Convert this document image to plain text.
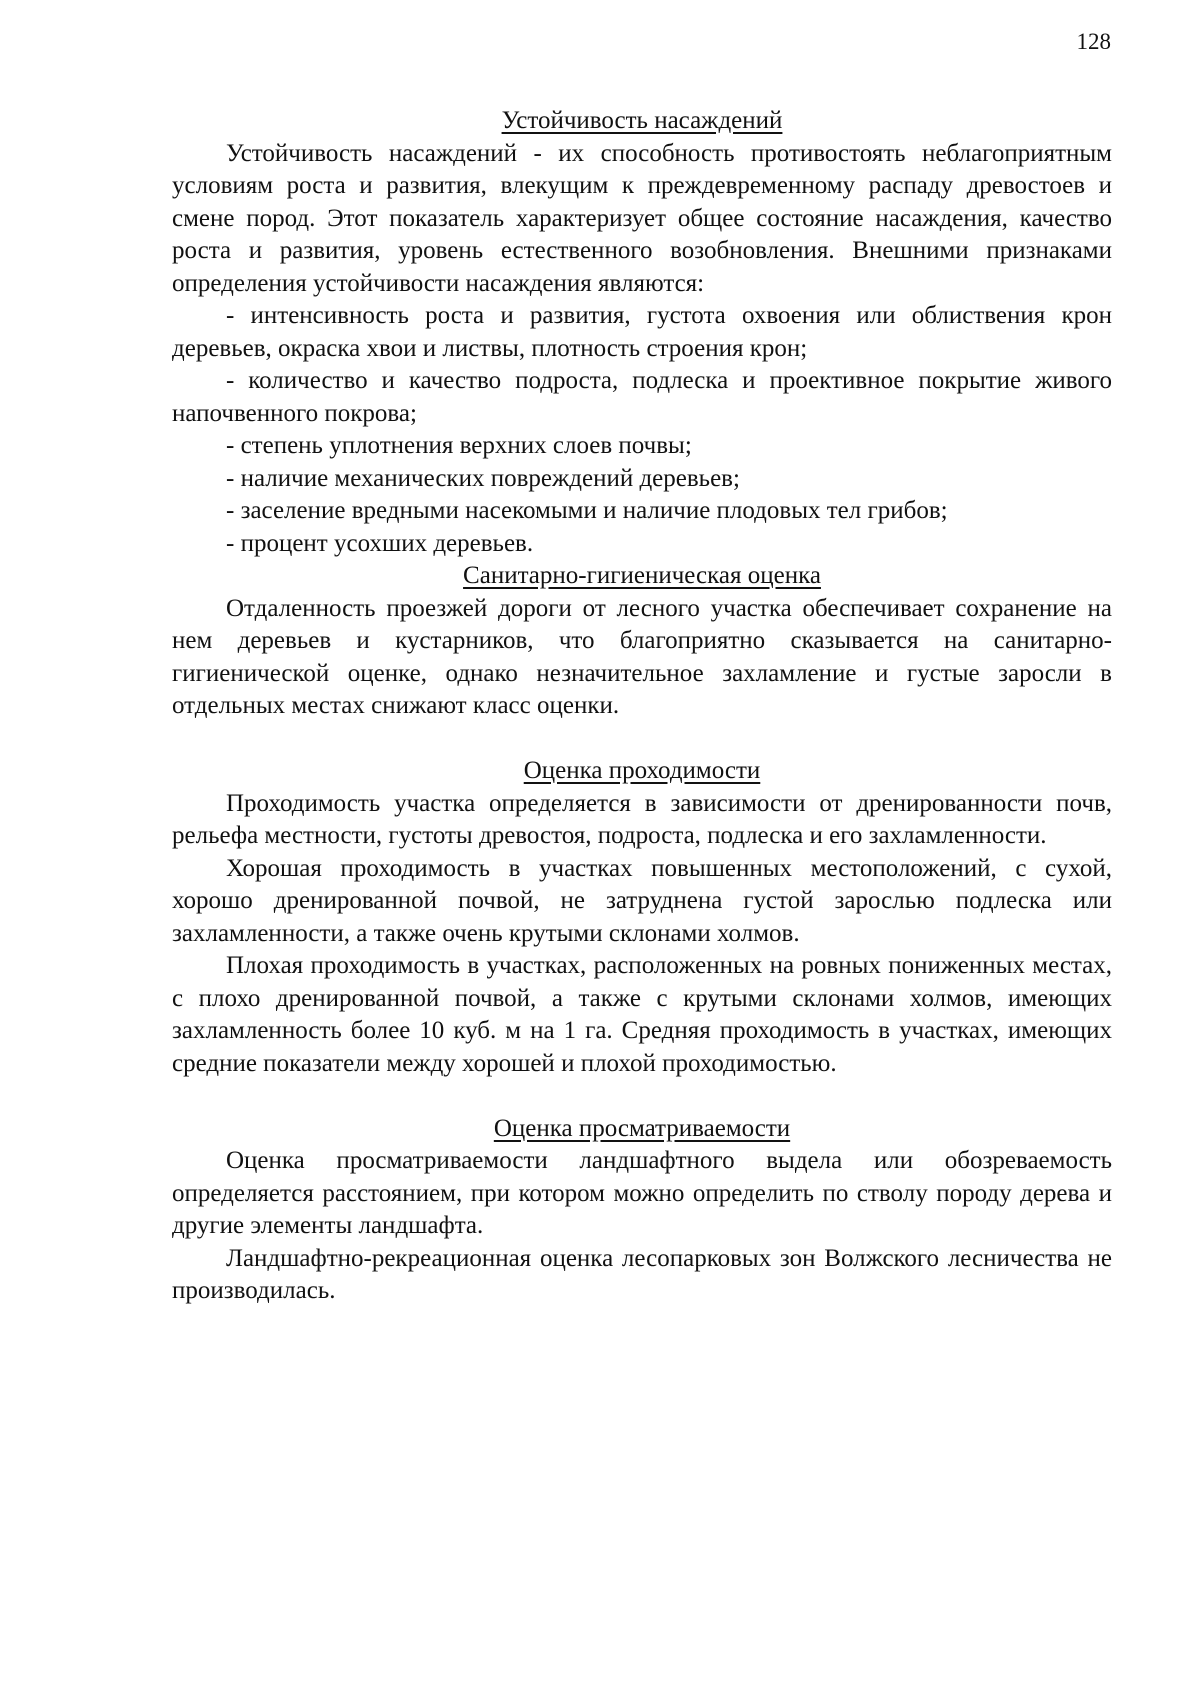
128

Устойчивость насаждений

Устойчивость насаждений - их способность противостоять неблагоприятным условиям роста и развития, влекущим к преждевременному распаду древостоев и смене пород. Этот показатель характеризует общее состояние насаждения, качество роста и развития, уровень естественного возобновления. Внешними признаками определения устойчивости насаждения являются:

- интенсивность роста и развития, густота охвоения или облиствения крон деревьев, окраска хвои и листвы, плотность строения крон;

- количество и качество подроста, подлеска и проективное покрытие живого напочвенного покрова;

- степень уплотнения верхних слоев почвы;

- наличие механических повреждений деревьев;

- заселение вредными насекомыми и наличие плодовых тел грибов;

- процент усохших деревьев.

Санитарно-гигиеническая оценка

Отдаленность проезжей дороги от лесного участка обеспечивает сохранение на нем деревьев и кустарников, что благоприятно сказывается на санитарно-гигиенической оценке, однако незначительное захламление и густые заросли в отдельных местах снижают класс оценки.

Оценка проходимости

Проходимость участка определяется в зависимости от дренированности почв, рельефа местности, густоты древостоя, подроста, подлеска и его захламленности.

Хорошая проходимость в участках повышенных местоположений, с сухой, хорошо дренированной почвой, не затруднена густой зарослью подлеска или захламленности, а также очень крутыми склонами холмов.

Плохая проходимость в участках, расположенных на ровных пониженных местах, с плохо дренированной почвой, а также с крутыми склонами холмов, имеющих захламленность более 10 куб. м на 1 га. Средняя проходимость в участках, имеющих средние показатели между хорошей и плохой проходимостью.

Оценка просматриваемости

Оценка просматриваемости ландшафтного выдела или обозреваемость определяется расстоянием, при котором можно определить по стволу породу дерева и другие элементы ландшафта.

Ландшафтно-рекреационная оценка лесопарковых зон Волжского лесничества не производилась.
